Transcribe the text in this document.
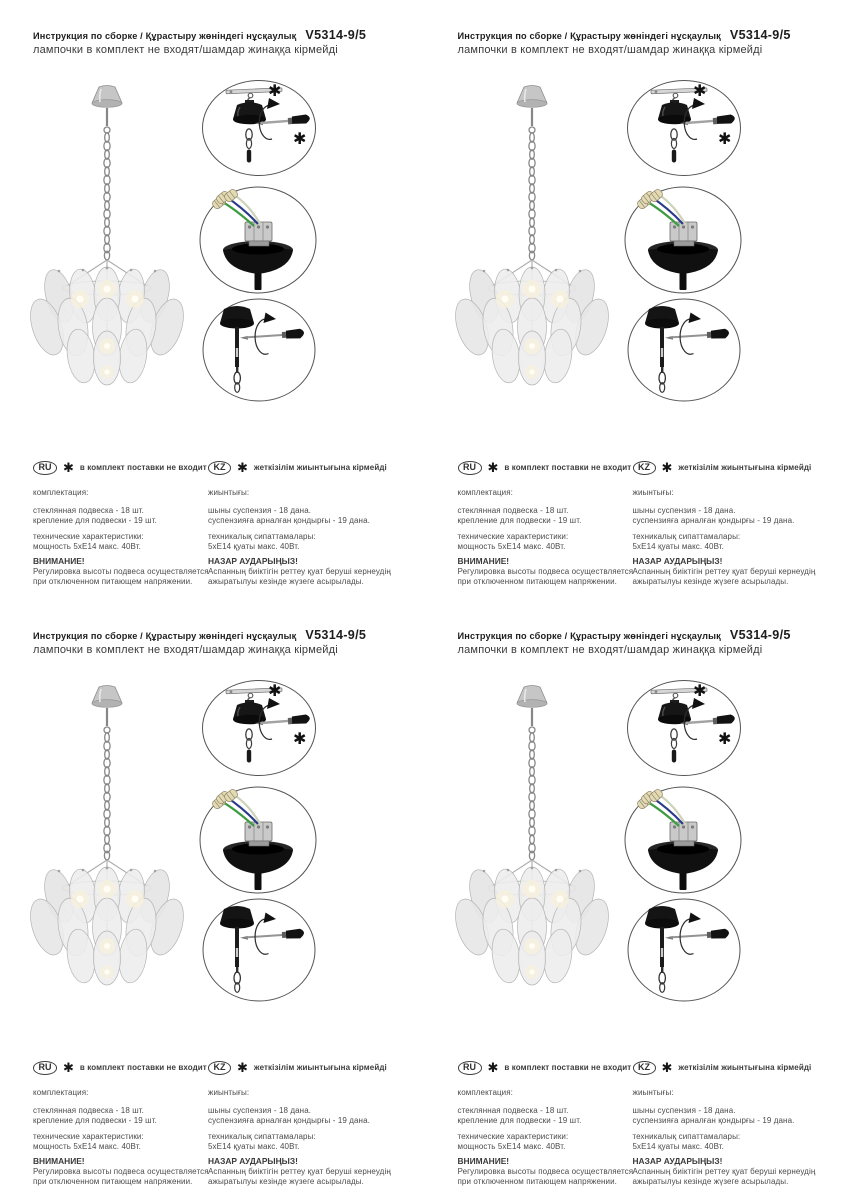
Инструкция по сборке / Құрастыру жөніндегі нұсқаулық V5314-9/5
лампочки в комплект не входят/шамдар жинаққа кірмейді
✱
✱
RU ✱ в комплект поставки не входит
комплектация:
стеклянная подвеска - 18 шт.
крепление для подвески - 19 шт.
технические характеристики:
мощность 5хЕ14 макс. 40Вт.
ВНИМАНИЕ!
Регулировка высоты подвеса осуществляется
при отключенном питающем напряжении.
KZ ✱ жеткізілім жиынтығына кірмейді
жиынтығы:
шыны суспензия - 18 дана.
суспензияға арналған қондырғы - 19 дана.
техникалық сипаттамалары:
5хЕ14 қуаты макс. 40Вт.
НАЗАР АУДАРЫҢЫЗ!
Аспанның биіктігін реттеу қуат беруші кернеудің
ажыратылуы кезінде жүзеге асырылады.
Инструкция по сборке / Құрастыру жөніндегі нұсқаулық V5314-9/5
лампочки в комплект не входят/шамдар жинаққа кірмейді
✱
✱
RU ✱ в комплект поставки не входит
комплектация:
стеклянная подвеска - 18 шт.
крепление для подвески - 19 шт.
технические характеристики:
мощность 5хЕ14 макс. 40Вт.
ВНИМАНИЕ!
Регулировка высоты подвеса осуществляется
при отключенном питающем напряжении.
KZ ✱ жеткізілім жиынтығына кірмейді
жиынтығы:
шыны суспензия - 18 дана.
суспензияға арналған қондырғы - 19 дана.
техникалық сипаттамалары:
5хЕ14 қуаты макс. 40Вт.
НАЗАР АУДАРЫҢЫЗ!
Аспанның биіктігін реттеу қуат беруші кернеудің
ажыратылуы кезінде жүзеге асырылады.
Инструкция по сборке / Құрастыру жөніндегі нұсқаулық V5314-9/5
лампочки в комплект не входят/шамдар жинаққа кірмейді
✱
✱
RU ✱ в комплект поставки не входит
комплектация:
стеклянная подвеска - 18 шт.
крепление для подвески - 19 шт.
технические характеристики:
мощность 5хЕ14 макс. 40Вт.
ВНИМАНИЕ!
Регулировка высоты подвеса осуществляется
при отключенном питающем напряжении.
KZ ✱ жеткізілім жиынтығына кірмейді
жиынтығы:
шыны суспензия - 18 дана.
суспензияға арналған қондырғы - 19 дана.
техникалық сипаттамалары:
5хЕ14 қуаты макс. 40Вт.
НАЗАР АУДАРЫҢЫЗ!
Аспанның биіктігін реттеу қуат беруші кернеудің
ажыратылуы кезінде жүзеге асырылады.
Инструкция по сборке / Құрастыру жөніндегі нұсқаулық V5314-9/5
лампочки в комплект не входят/шамдар жинаққа кірмейді
✱
✱
RU ✱ в комплект поставки не входит
комплектация:
стеклянная подвеска - 18 шт.
крепление для подвески - 19 шт.
технические характеристики:
мощность 5хЕ14 макс. 40Вт.
ВНИМАНИЕ!
Регулировка высоты подвеса осуществляется
при отключенном питающем напряжении.
KZ ✱ жеткізілім жиынтығына кірмейді
жиынтығы:
шыны суспензия - 18 дана.
суспензияға арналған қондырғы - 19 дана.
техникалық сипаттамалары:
5хЕ14 қуаты макс. 40Вт.
НАЗАР АУДАРЫҢЫЗ!
Аспанның биіктігін реттеу қуат беруші кернеудің
ажыратылуы кезінде жүзеге асырылады.
